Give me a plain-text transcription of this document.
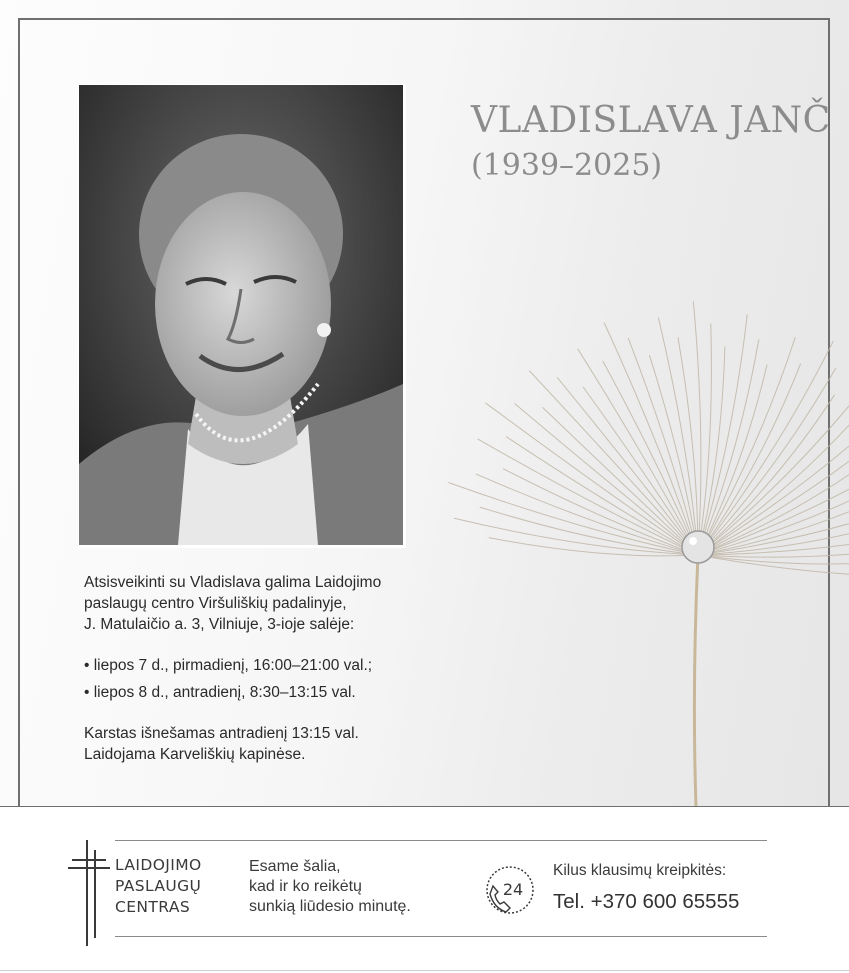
VLADISLAVA JANČ
(1939–2025)

Atsisveikinti su Vladislava galima Laidojimo

paslaugų centro Viršuliškių padalinyje,

J. Matulaičio a. 3, Vilniuje, 3-ioje salėje:

• liepos 7 d., pirmadienį, 16:00–21:00 val.;

• liepos 8 d., antradienį, 8:30–13:15 val.

Karstas išnešamas antradienį 13:15 val.

Laidojama Karveliškių kapinėse.

LAIDOJIMO
PASLAUGŲ
CENTRAS
Esame šalia,
kad ir ko reikėtų
sunkią liūdesio minutę.
24
Kilus klausimų kreipkitės:
Tel. +370 600 65555
